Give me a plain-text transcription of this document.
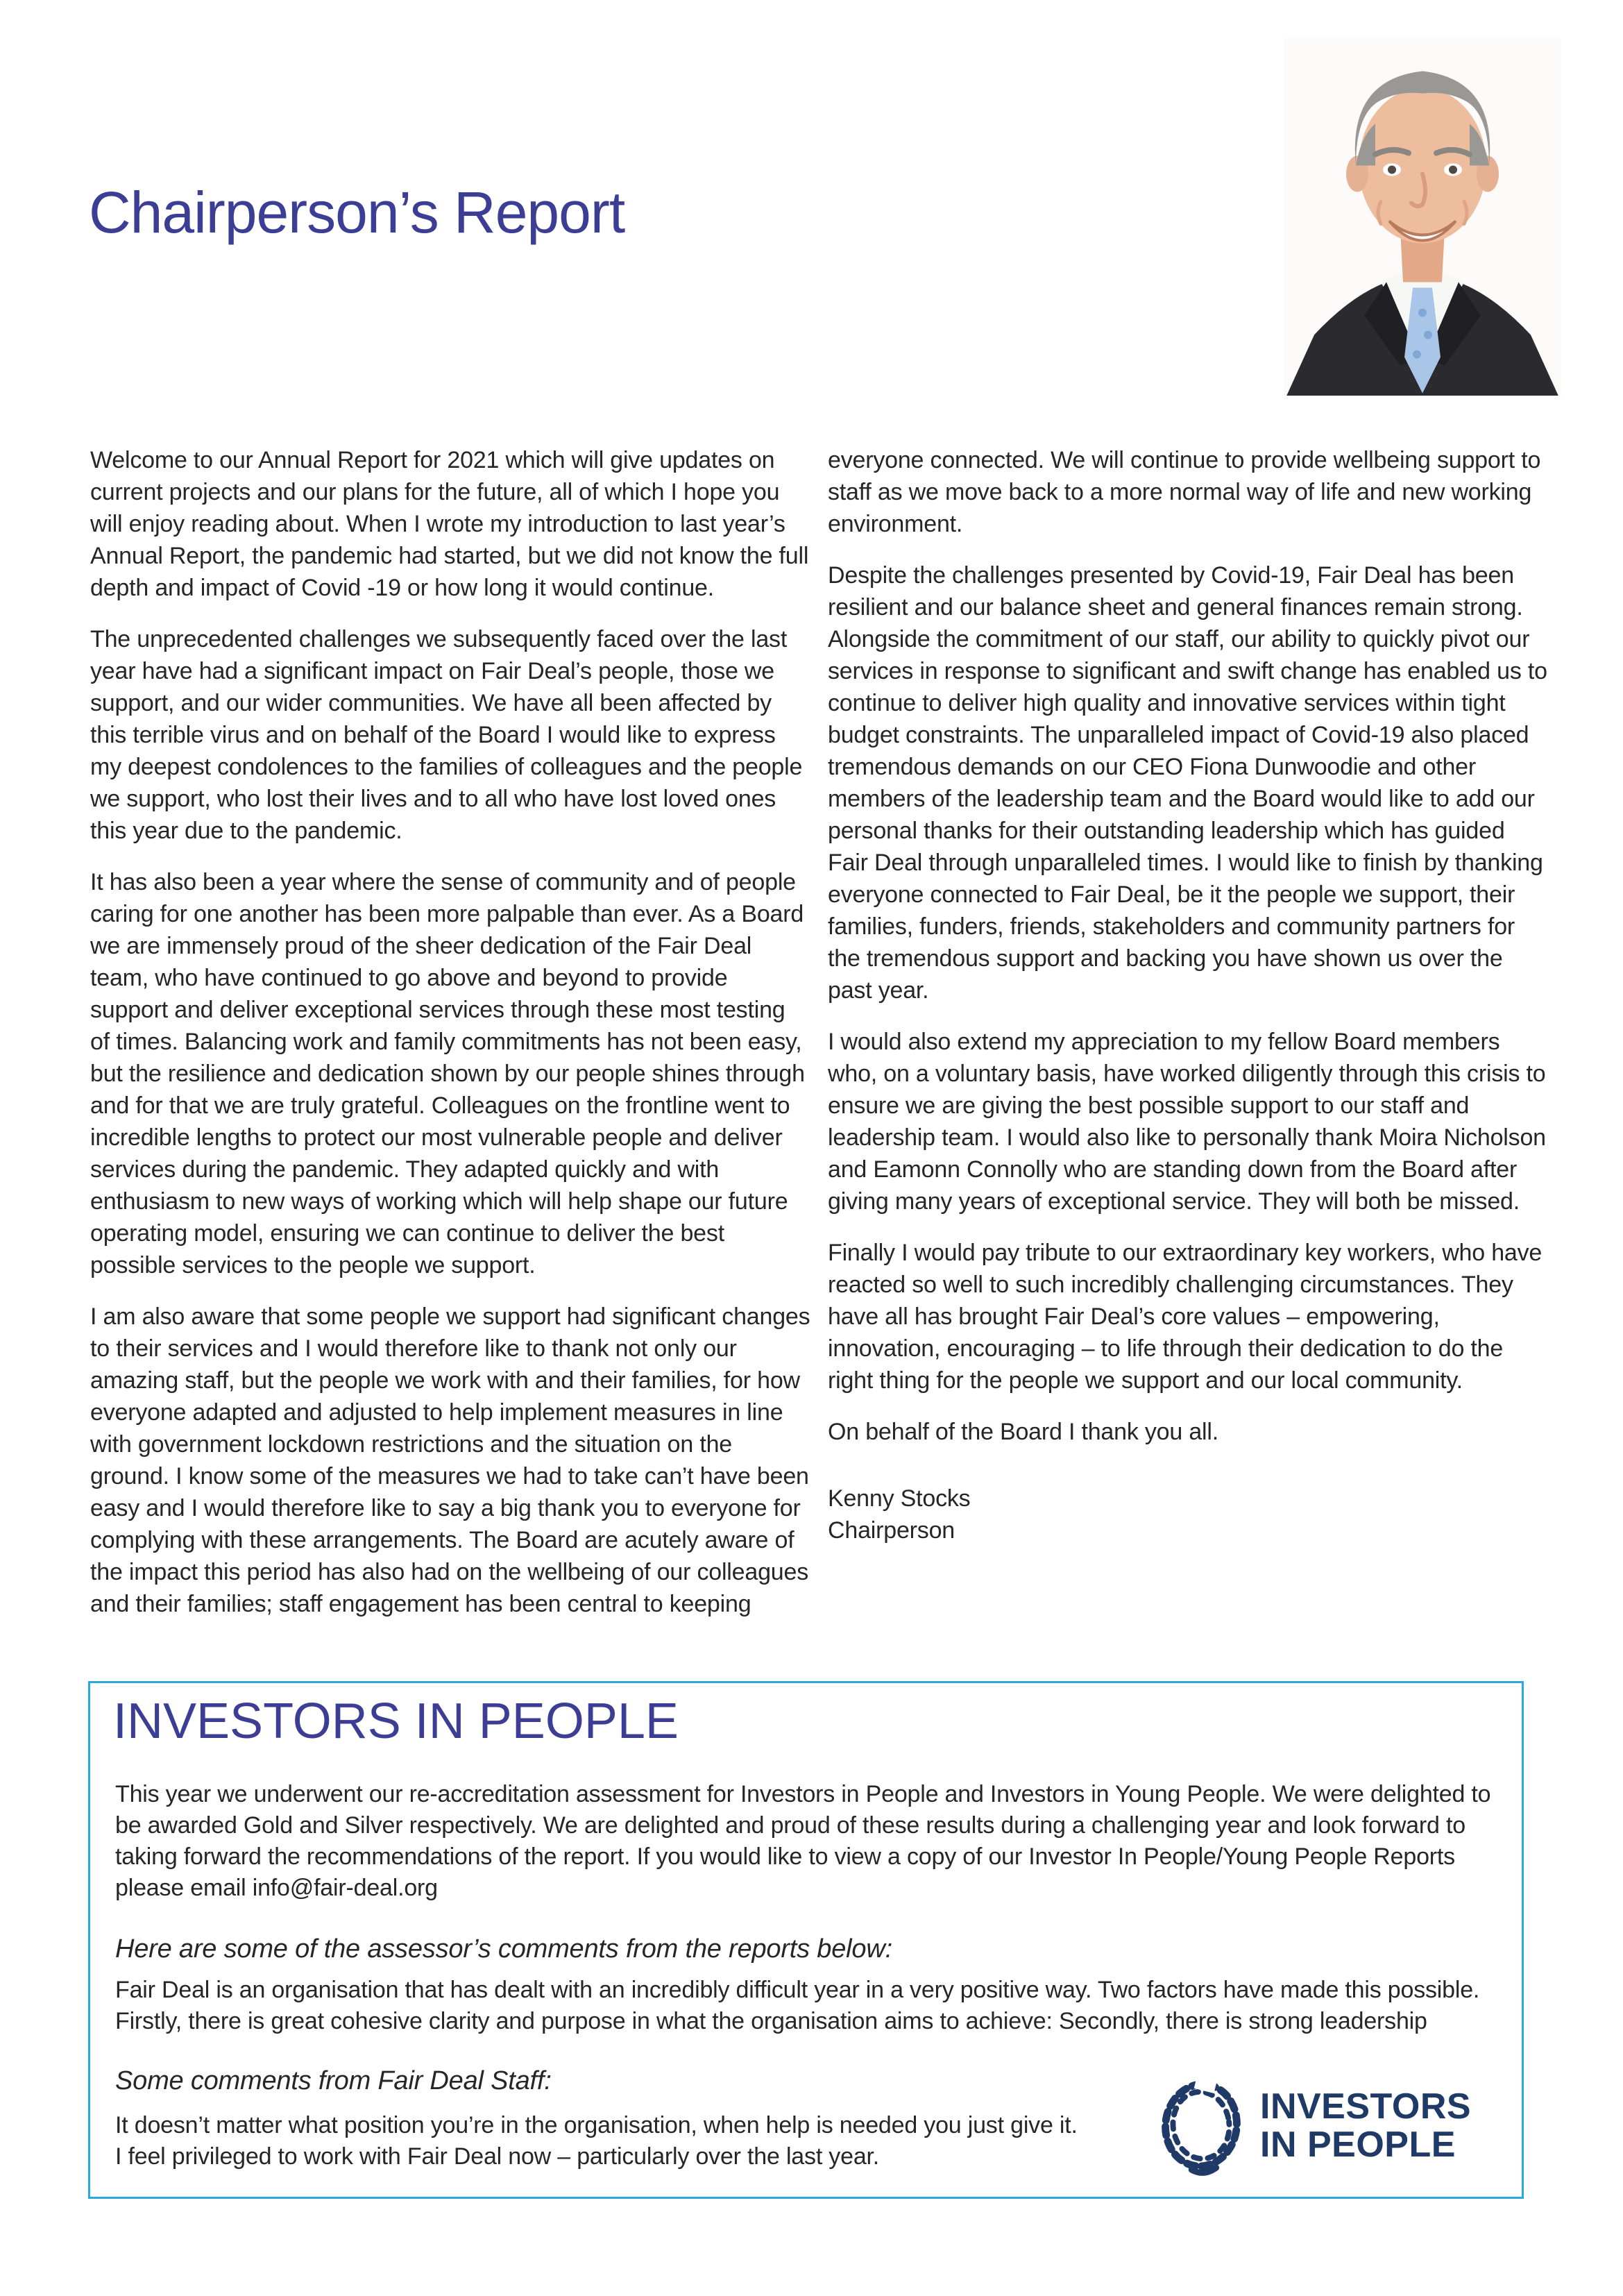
Chairperson’s Report

Welcome to our Annual Report for 2021 which will give updates on current projects and our plans for the future, all of which I hope you will enjoy reading about. When I wrote my introduction to last year’s Annual Report, the pandemic had started, but we did not know the full depth and impact of Covid -19 or how long it would continue.

The unprecedented challenges we subsequently faced over the last year have had a significant impact on Fair Deal’s people, those we support, and our wider communities. We have all been affected by this terrible virus and on behalf of the Board I would like to express my deepest condolences to the families of colleagues and the people we support, who lost their lives and to all who have lost loved ones this year due to the pandemic.

It has also been a year where the sense of community and of people caring for one another has been more palpable than ever. As a Board we are immensely proud of the sheer dedication of the Fair Deal team, who have continued to go above and beyond to provide support and deliver exceptional services through these most testing of times. Balancing work and family commitments has not been easy, but the resilience and dedication shown by our people shines through and for that we are truly grateful. Colleagues on the frontline went to incredible lengths to protect our most vulnerable people and deliver services during the pandemic. They adapted quickly and with enthusiasm to new ways of working which will help shape our future operating model, ensuring we can continue to deliver the best possible services to the people we support.

I am also aware that some people we support had significant changes to their services and I would therefore like to thank not only our amazing staff, but the people we work with and their families, for how everyone adapted and adjusted to help implement measures in line with government lockdown restrictions and the situation on the ground. I know some of the measures we had to take can’t have been easy and I would therefore like to say a big thank you to everyone for complying with these arrangements. The Board are acutely aware of the impact this period has also had on the wellbeing of our colleagues and their families; staff engagement has been central to keeping

everyone connected. We will continue to provide wellbeing support to staff as we move back to a more normal way of life and new working environment.

Despite the challenges presented by Covid-19, Fair Deal has been resilient and our balance sheet and general finances remain strong. Alongside the commitment of our staff, our ability to quickly pivot our services in response to significant and swift change has enabled us to continue to deliver high quality and innovative services within tight budget constraints. The unparalleled impact of Covid-19 also placed tremendous demands on our CEO Fiona Dunwoodie and other members of the leadership team and the Board would like to add our personal thanks for their outstanding leadership which has guided Fair Deal through unparalleled times. I would like to finish by thanking everyone connected to Fair Deal, be it the people we support, their families, funders, friends, stakeholders and community partners for the tremendous support and backing you have shown us over the past year.

I would also extend my appreciation to my fellow Board members who, on a voluntary basis, have worked diligently through this crisis to ensure we are giving the best possible support to our staff and leadership team. I would also like to personally thank Moira Nicholson and Eamonn Connolly who are standing down from the Board after giving many years of exceptional service. They will both be missed.

Finally I would pay tribute to our extraordinary key workers, who have reacted so well to such incredibly challenging circumstances. They have all has brought Fair Deal’s core values – empowering, innovation, encouraging – to life through their dedication to do the right thing for the people we support and our local community.

On behalf of the Board I thank you all.

Kenny Stocks
Chairperson
INVESTORS IN PEOPLE
This year we underwent our re-accreditation assessment for Investors in People and Investors in Young People. We were delighted to be awarded Gold and Silver respectively. We are delighted and proud of these results during a challenging year and look forward to taking forward the recommendations of the report. If you would like to view a copy of our Investor In People/Young People Reports please email info@fair-deal.org
Here are some of the assessor’s comments from the reports below:
Fair Deal is an organisation that has dealt with an incredibly difficult year in a very positive way. Two factors have made this possible. Firstly, there is great cohesive clarity and purpose in what the organisation aims to achieve: Secondly, there is strong leadership
Some comments from Fair Deal Staff:
It doesn’t matter what position you’re in the organisation, when help is needed you just give it.
I feel privileged to work with Fair Deal now – particularly over the last year.
INVESTORS
IN PEOPLE
